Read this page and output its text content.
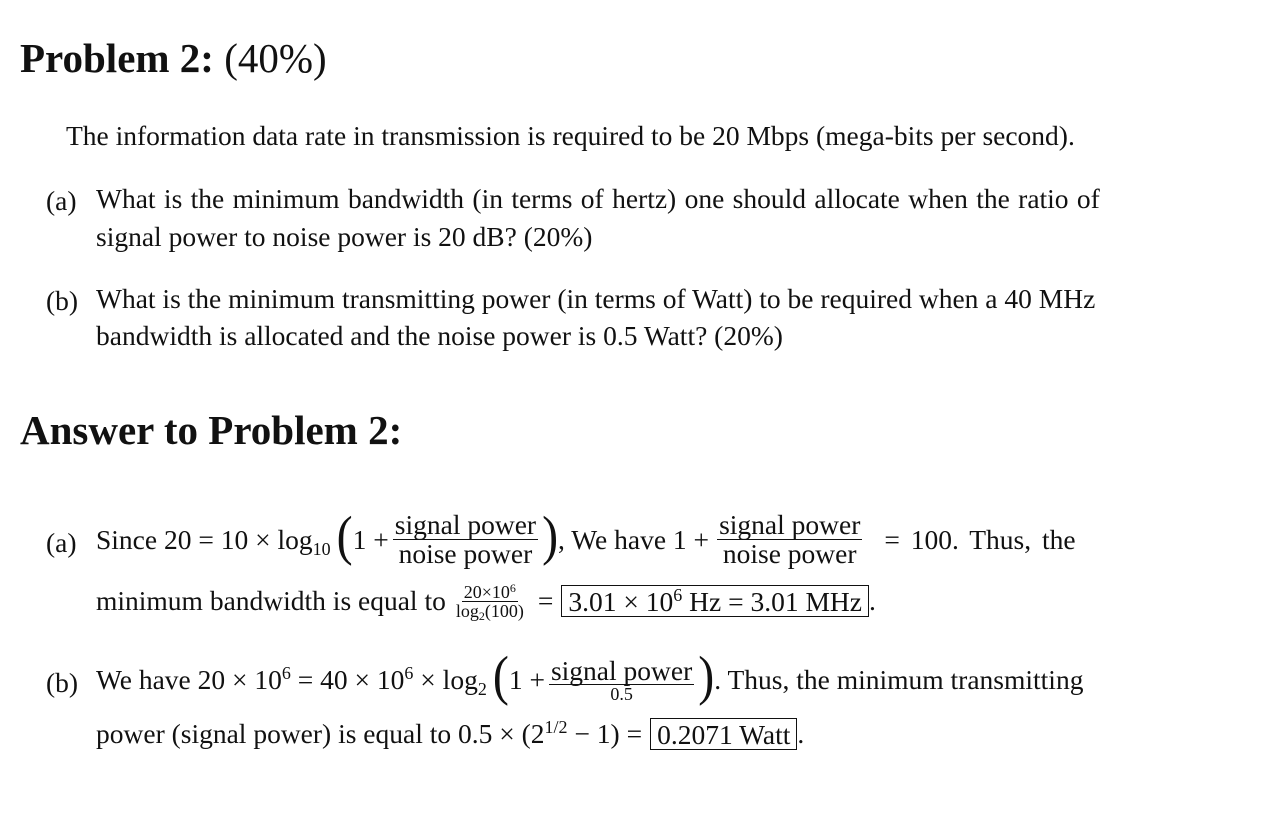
Problem 2: (40%)
The information data rate in transmission is required to be 20 Mbps (mega-bits per second).
(a) What is the minimum bandwidth (in terms of hertz) one should allocate when the ratio of
signal power to noise power is 20 dB? (20%)
(b) What is the minimum transmitting power (in terms of Watt) to be required when a 40 MHz
bandwidth is allocated and the noise power is 0.5 Watt? (20%)
Answer to Problem 2:
(a) Since $20 = 10 \times \log_{10}$ ( $1 + \frac{\text{signal power}}{\text{noise power}}$ ) , We have $1 + \frac{\text{signal power}}{\text{noise power}} = 100$. Thus, the
minimum bandwidth is equal to $\frac{20\times 10^6}{\log_2(100)} = 3.01 \times 10^6$ Hz = 3.01 MHz .
(b) We have $20 \times 10^6 = 40 \times 10^6 \times \log_2$ ( $1 + \frac{\text{signal power}}{0.5}$ ) . Thus, the minimum transmitting
power (signal power) is equal to $0.5 \times (2^{1/2} - 1) = 0.2071$ Watt .
